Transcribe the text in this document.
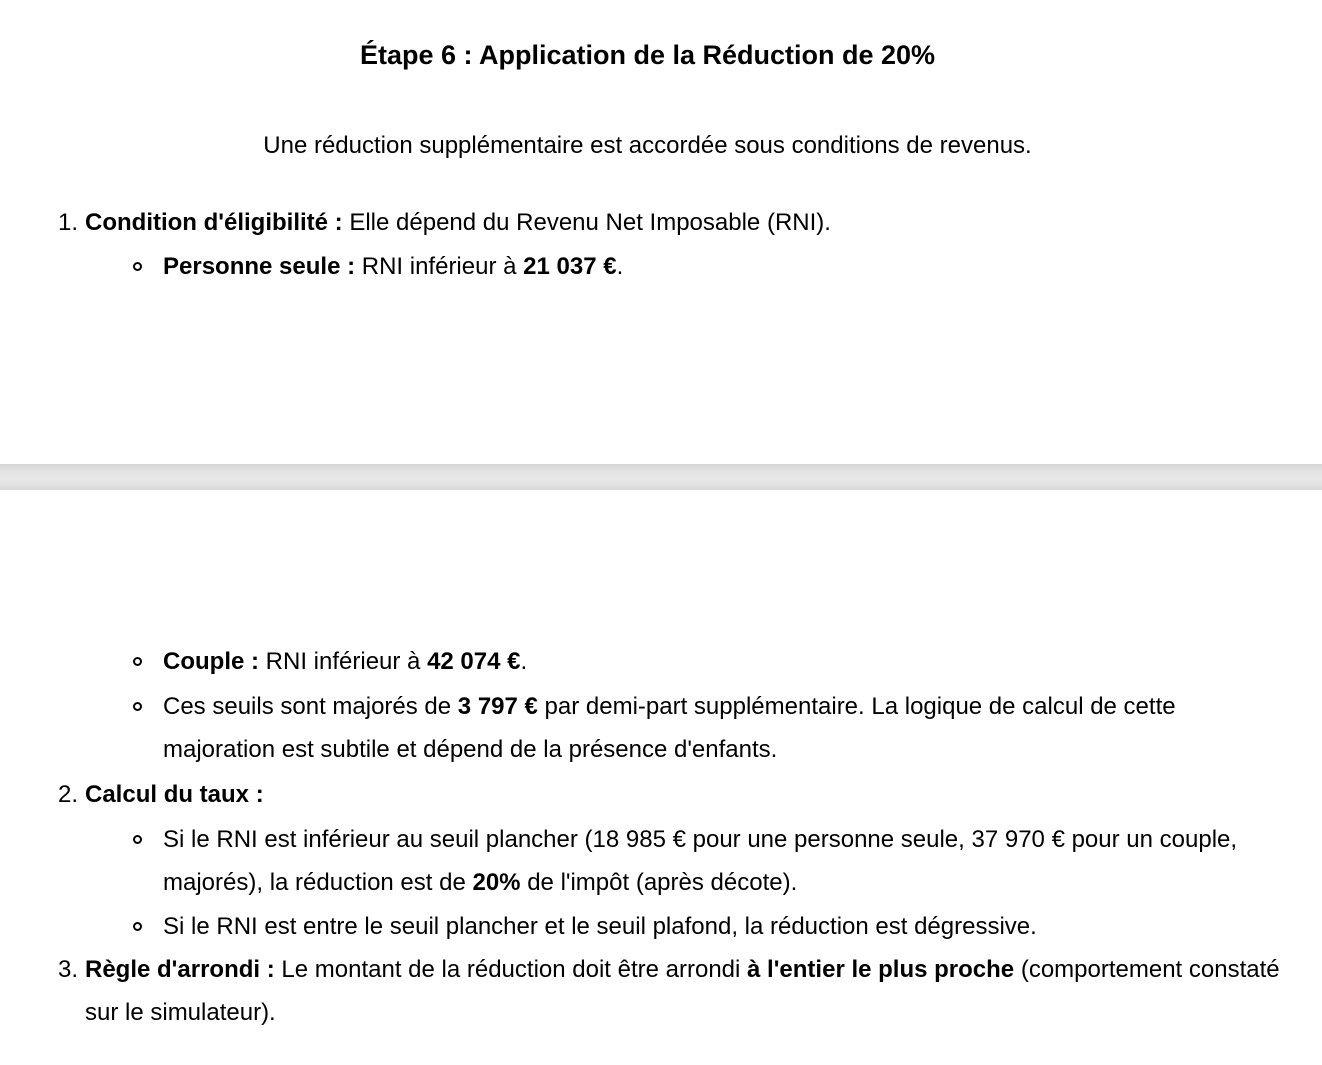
Étape 6 : Application de la Réduction de 20%

Une réduction supplémentaire est accordée sous conditions de revenus.

1. Condition d'éligibilité : Elle dépend du Revenu Net Imposable (RNI).
Personne seule : RNI inférieur à 21 037 €.
Couple : RNI inférieur à 42 074 €.
Ces seuils sont majorés de 3 797 € par demi-part supplémentaire. La logique de calcul de cette
majoration est subtile et dépend de la présence d'enfants.
2. Calcul du taux :
Si le RNI est inférieur au seuil plancher (18 985 € pour une personne seule, 37 970 € pour un couple,
majorés), la réduction est de 20% de l'impôt (après décote).
Si le RNI est entre le seuil plancher et le seuil plafond, la réduction est dégressive.
3. Règle d'arrondi : Le montant de la réduction doit être arrondi à l'entier le plus proche (comportement constaté
sur le simulateur).
